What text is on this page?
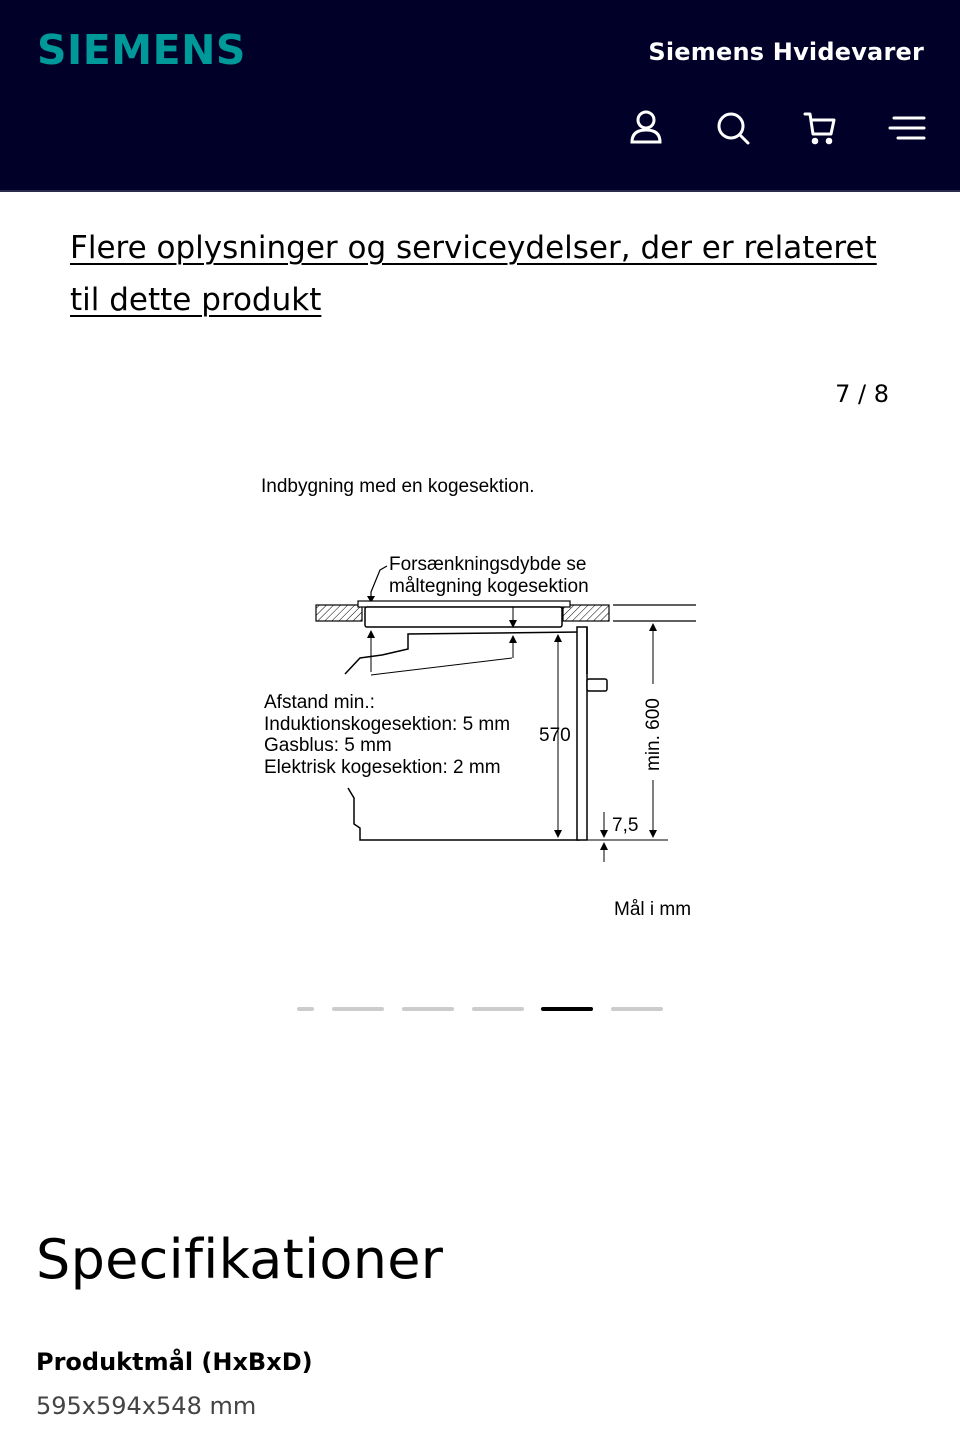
SIEMENS	Siemens Hvidevarer
Flere oplysninger og serviceydelser, der er relateret til dette produkt
7 / 8
Indbygning med en kogesektion.
Forsænkningsdybde se
måltegning kogesektion
570	min. 600
7,5
Afstand min.:
Induktionskogesektion: 5 mm
Gasblus: 5 mm
Elektrisk kogesektion: 2 mm
Mål i mm
Specifikationer
Produktmål (HxBxD)
595x594x548 mm
